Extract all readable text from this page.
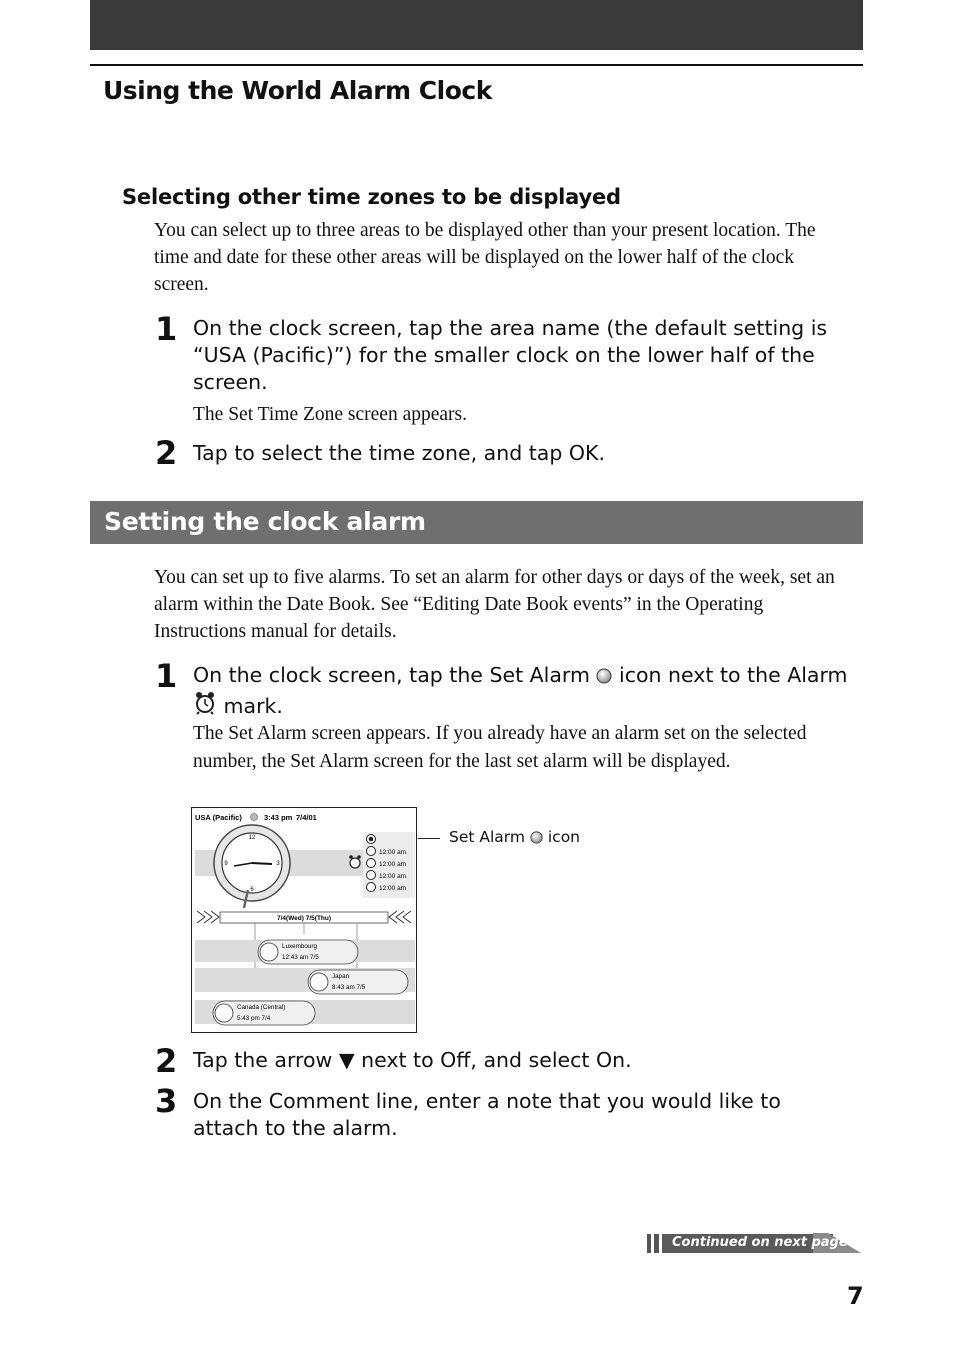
Using the World Alarm Clock
Selecting other time zones to be displayed
You can select up to three areas to be displayed other than your present location. The time and date for these other areas will be displayed on the lower half of the clock screen.
1 On the clock screen, tap the area name (the default setting is “USA (Pacific)”) for the smaller clock on the lower half of the screen.
The Set Time Zone screen appears.
2 Tap to select the time zone, and tap OK.
Setting the clock alarm
You can set up to five alarms. To set an alarm for other days or days of the week, set an alarm within the Date Book. See “Editing Date Book events” in the Operating Instructions manual for details.
1 On the clock screen, tap the Set Alarm icon next to the Alarm  mark.
The Set Alarm screen appears. If you already have an alarm set on the selected number, the Set Alarm screen for the last set alarm will be displayed.
USA (Pacific)	3:43 pm 7/4/01
12
3
6
9
12:00 am
12:00 am
12:00 am
12:00 am
7/4(Wed) 7/5(Thu)
Luxembourg
12:43 am 7/5
Japan
8:43 am 7/5
Canada (Central)
5:43 pm 7/4
Set Alarm icon
2 Tap the arrow ▼ next to Off, and select On.
3 On the Comment line, enter a note that you would like to attach to the alarm.
Continued on next page
7
